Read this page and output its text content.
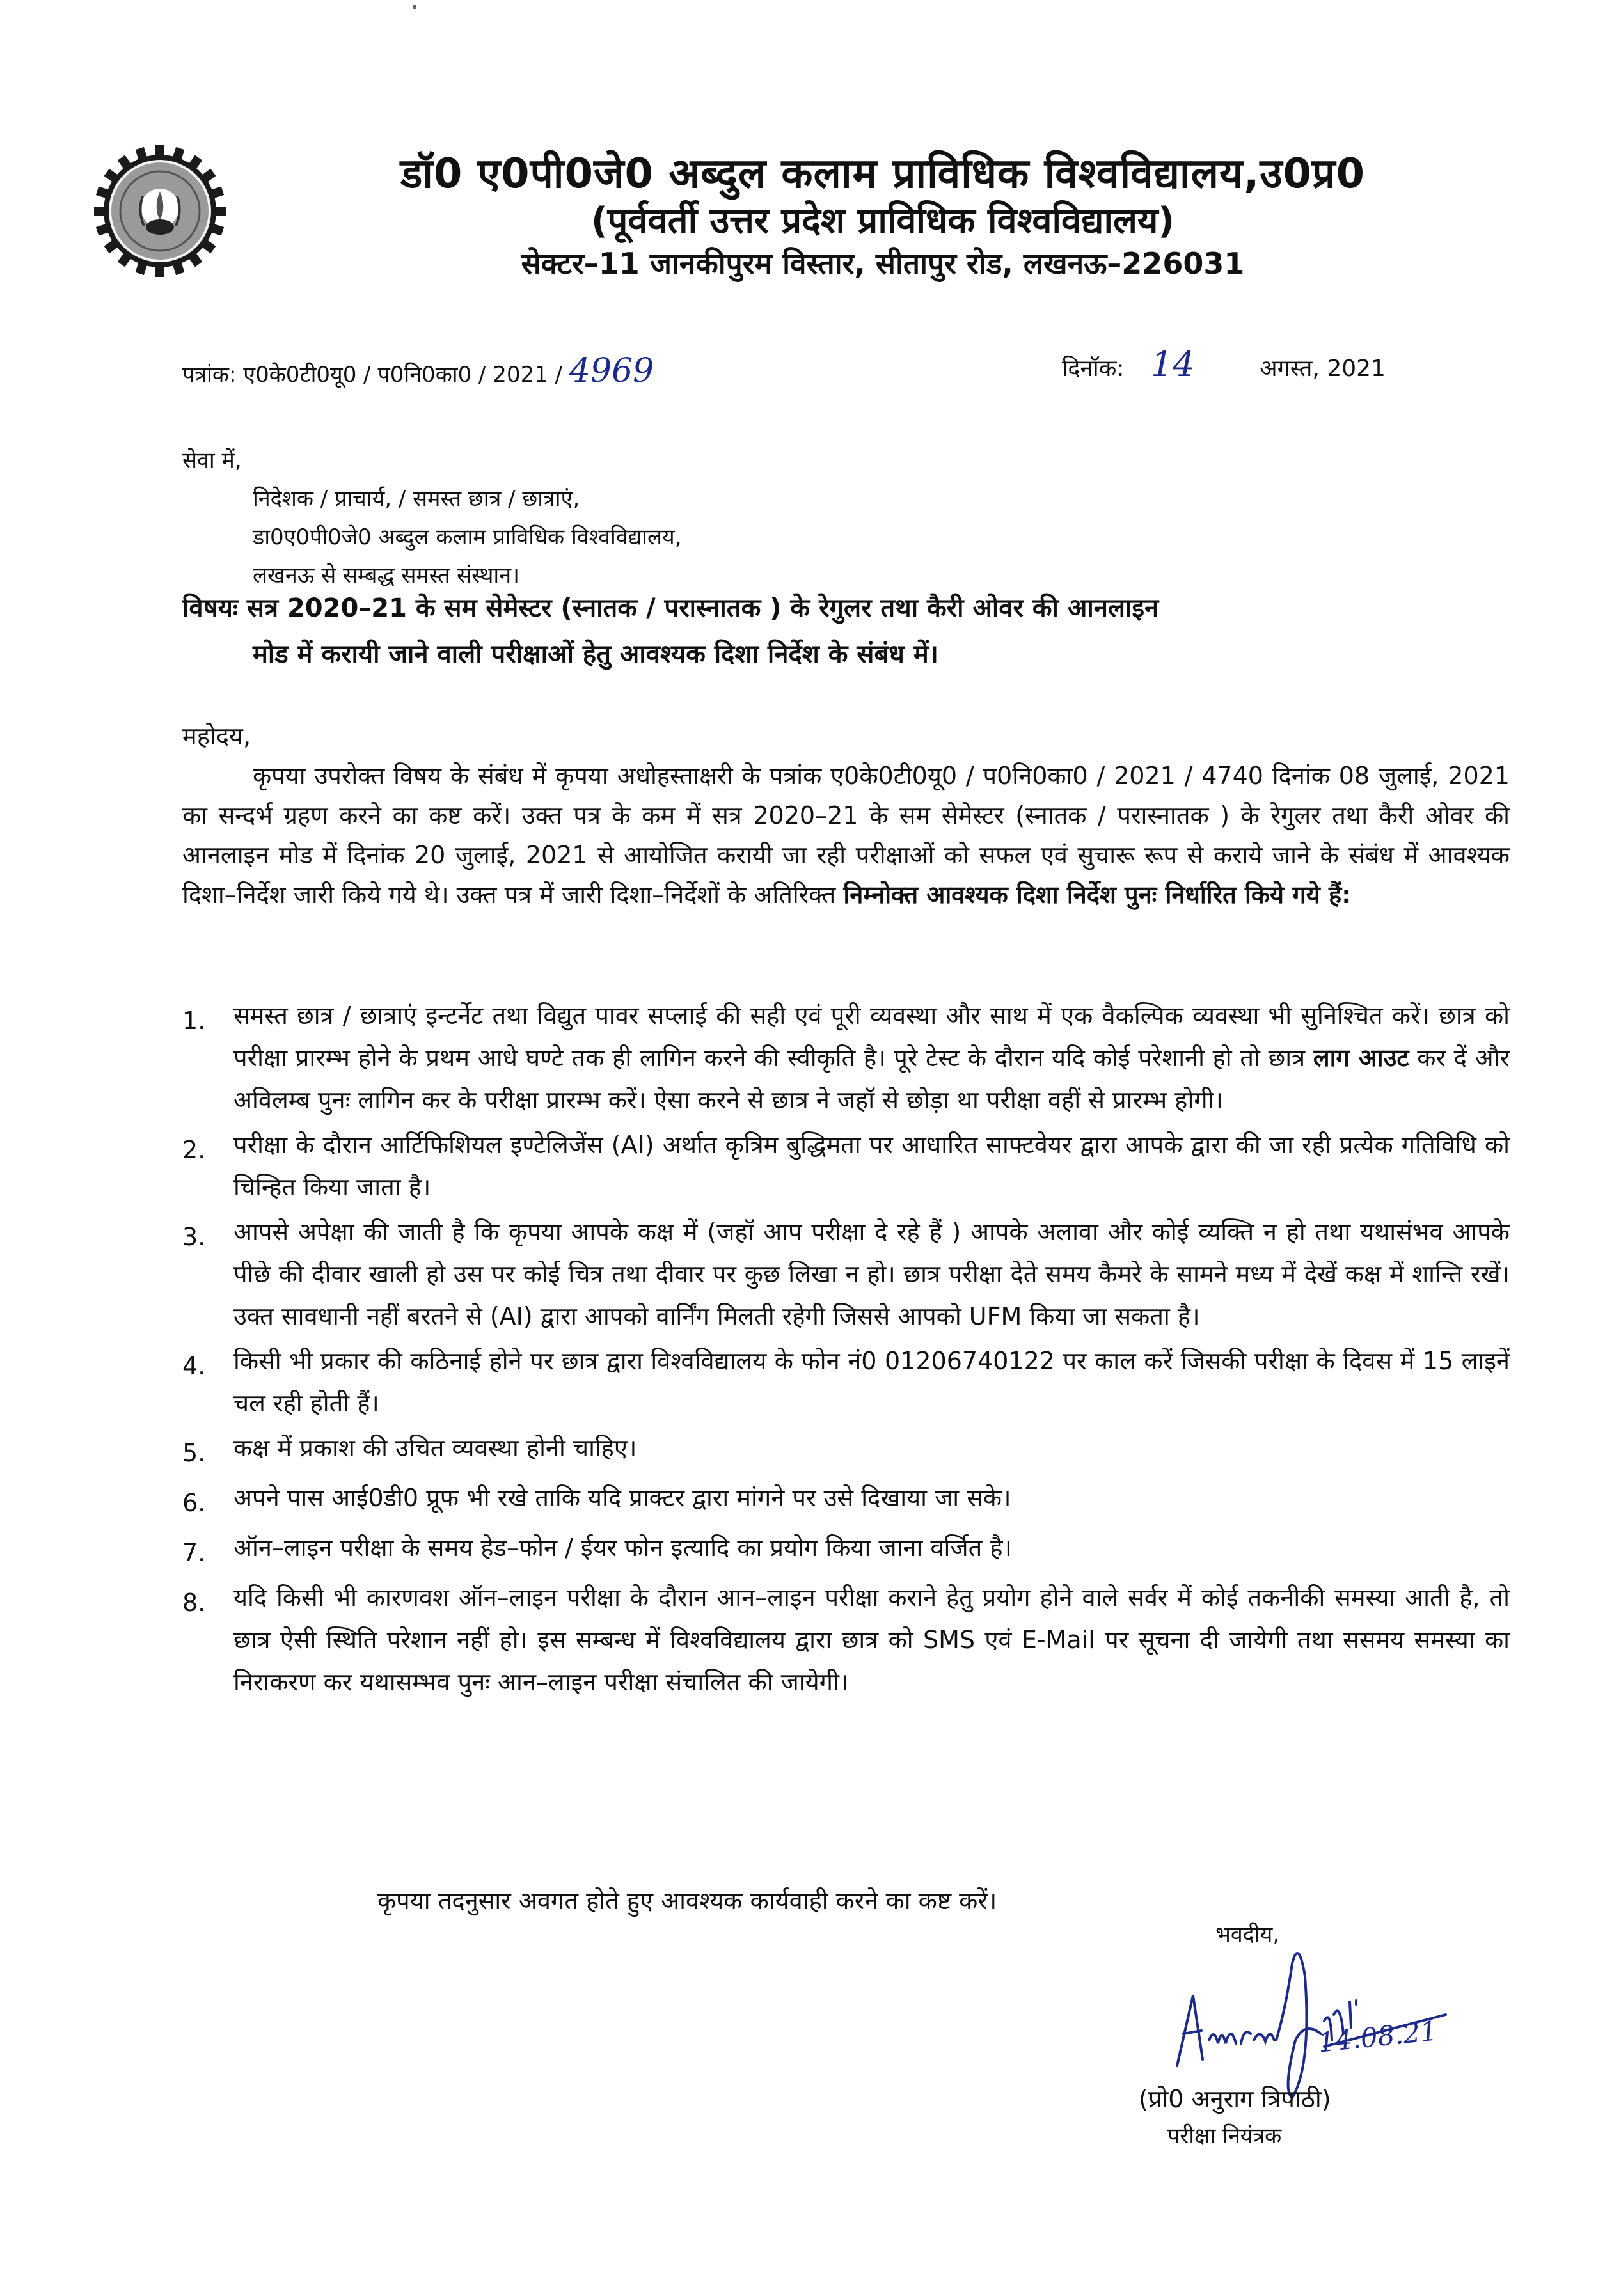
डॉ0 ए0पी0जे0 अब्दुल कलाम प्राविधिक विश्वविद्यालय,उ0प्र0
(पूर्ववर्ती उत्तर प्रदेश प्राविधिक विश्वविद्यालय)
सेक्टर–11 जानकीपुरम विस्तार, सीतापुर रोड, लखनऊ–226031
पत्रांक: ए0के0टी0यू0 / प0नि0का0 / 2021 / 4969	दिनॉक: 14	अगस्त, 2021
सेवा में,
निदेशक / प्राचार्य, / समस्त छात्र / छात्राएं,
डा0ए0पी0जे0 अब्दुल कलाम प्राविधिक विश्वविद्यालय,
लखनऊ से सम्बद्ध समस्त संस्थान।
विषयः सत्र 2020–21 के सम सेमेस्टर (स्नातक / परास्नातक ) के रेगुलर तथा कैरी ओवर की आनलाइन
मोड में करायी जाने वाली परीक्षाओं हेतु आवश्यक दिशा निर्देश के संबंध में।
महोदय,
कृपया उपरोक्त विषय के संबंध में कृपया अधोहस्ताक्षरी के पत्रांक ए0के0टी0यू0 / प0नि0का0 / 2021 / 4740 दिनांक 08 जुलाई, 2021 का सन्दर्भ ग्रहण करने का कष्ट करें। उक्त पत्र के कम में सत्र 2020–21 के सम सेमेस्टर (स्नातक / परास्नातक ) के रेगुलर तथा कैरी ओवर की आनलाइन मोड में दिनांक 20 जुलाई, 2021 से आयोजित करायी जा रही परीक्षाओं को सफल एवं सुचारू रूप से कराये जाने के संबंध में आवश्यक दिशा–निर्देश जारी किये गये थे। उक्त पत्र में जारी दिशा–निर्देशों के अतिरिक्त निम्नोक्त आवश्यक दिशा निर्देश पुनः निर्धारित किये गये हैं:
1.	समस्त छात्र / छात्राएं इन्टर्नेट तथा विद्युत पावर सप्लाई की सही एवं पूरी व्यवस्था और साथ में एक वैकल्पिक व्यवस्था भी सुनिश्चित करें। छात्र को परीक्षा प्रारम्भ होने के प्रथम आधे घण्टे तक ही लागिन करने की स्वीकृति है। पूरे टेस्ट के दौरान यदि कोई परेशानी हो तो छात्र लाग आउट कर दें और अविलम्ब पुनः लागिन कर के परीक्षा प्रारम्भ करें। ऐसा करने से छात्र ने जहॉ से छोड़ा था परीक्षा वहीं से प्रारम्भ होगी।
2.	परीक्षा के दौरान आर्टिफिशियल इण्टेलिजेंस (AI) अर्थात कृत्रिम बुद्धिमता पर आधारित साफ्टवेयर द्वारा आपके द्वारा की जा रही प्रत्येक गतिविधि को चिन्हित किया जाता है।
3.	आपसे अपेक्षा की जाती है कि कृपया आपके कक्ष में (जहॉ आप परीक्षा दे रहे हैं ) आपके अलावा और कोई व्यक्ति न हो तथा यथासंभव आपके पीछे की दीवार खाली हो उस पर कोई चित्र तथा दीवार पर कुछ लिखा न हो। छात्र परीक्षा देते समय कैमरे के सामने मध्य में देखें कक्ष में शान्ति रखें। उक्त सावधानी नहीं बरतने से (AI) द्वारा आपको वार्निंग मिलती रहेगी जिससे आपको UFM किया जा सकता है।
4.	किसी भी प्रकार की कठिनाई होने पर छात्र द्वारा विश्वविद्यालय के फोन नं0 01206740122 पर काल करें जिसकी परीक्षा के दिवस में 15 लाइनें चल रही होती हैं।
5.	कक्ष में प्रकाश की उचित व्यवस्था होनी चाहिए।
6.	अपने पास आई0डी0 प्रूफ भी रखे ताकि यदि प्राक्टर द्वारा मांगने पर उसे दिखाया जा सके।
7.	ऑन–लाइन परीक्षा के समय हेड–फोन / ईयर फोन इत्यादि का प्रयोग किया जाना वर्जित है।
8.	यदि किसी भी कारणवश ऑन–लाइन परीक्षा के दौरान आन–लाइन परीक्षा कराने हेतु प्रयोग होने वाले सर्वर में कोई तकनीकी समस्या आती है, तो छात्र ऐसी स्थिति परेशान नहीं हो। इस सम्बन्ध में विश्वविद्यालय द्वारा छात्र को SMS एवं E-Mail पर सूचना दी जायेगी तथा ससमय समस्या का निराकरण कर यथासम्भव पुनः आन–लाइन परीक्षा संचालित की जायेगी।
कृपया तदनुसार अवगत होते हुए आवश्यक कार्यवाही करने का कष्ट करें।
भवदीय,
14.08.21
(प्रो0 अनुराग त्रिपाठी)
परीक्षा नियंत्रक
